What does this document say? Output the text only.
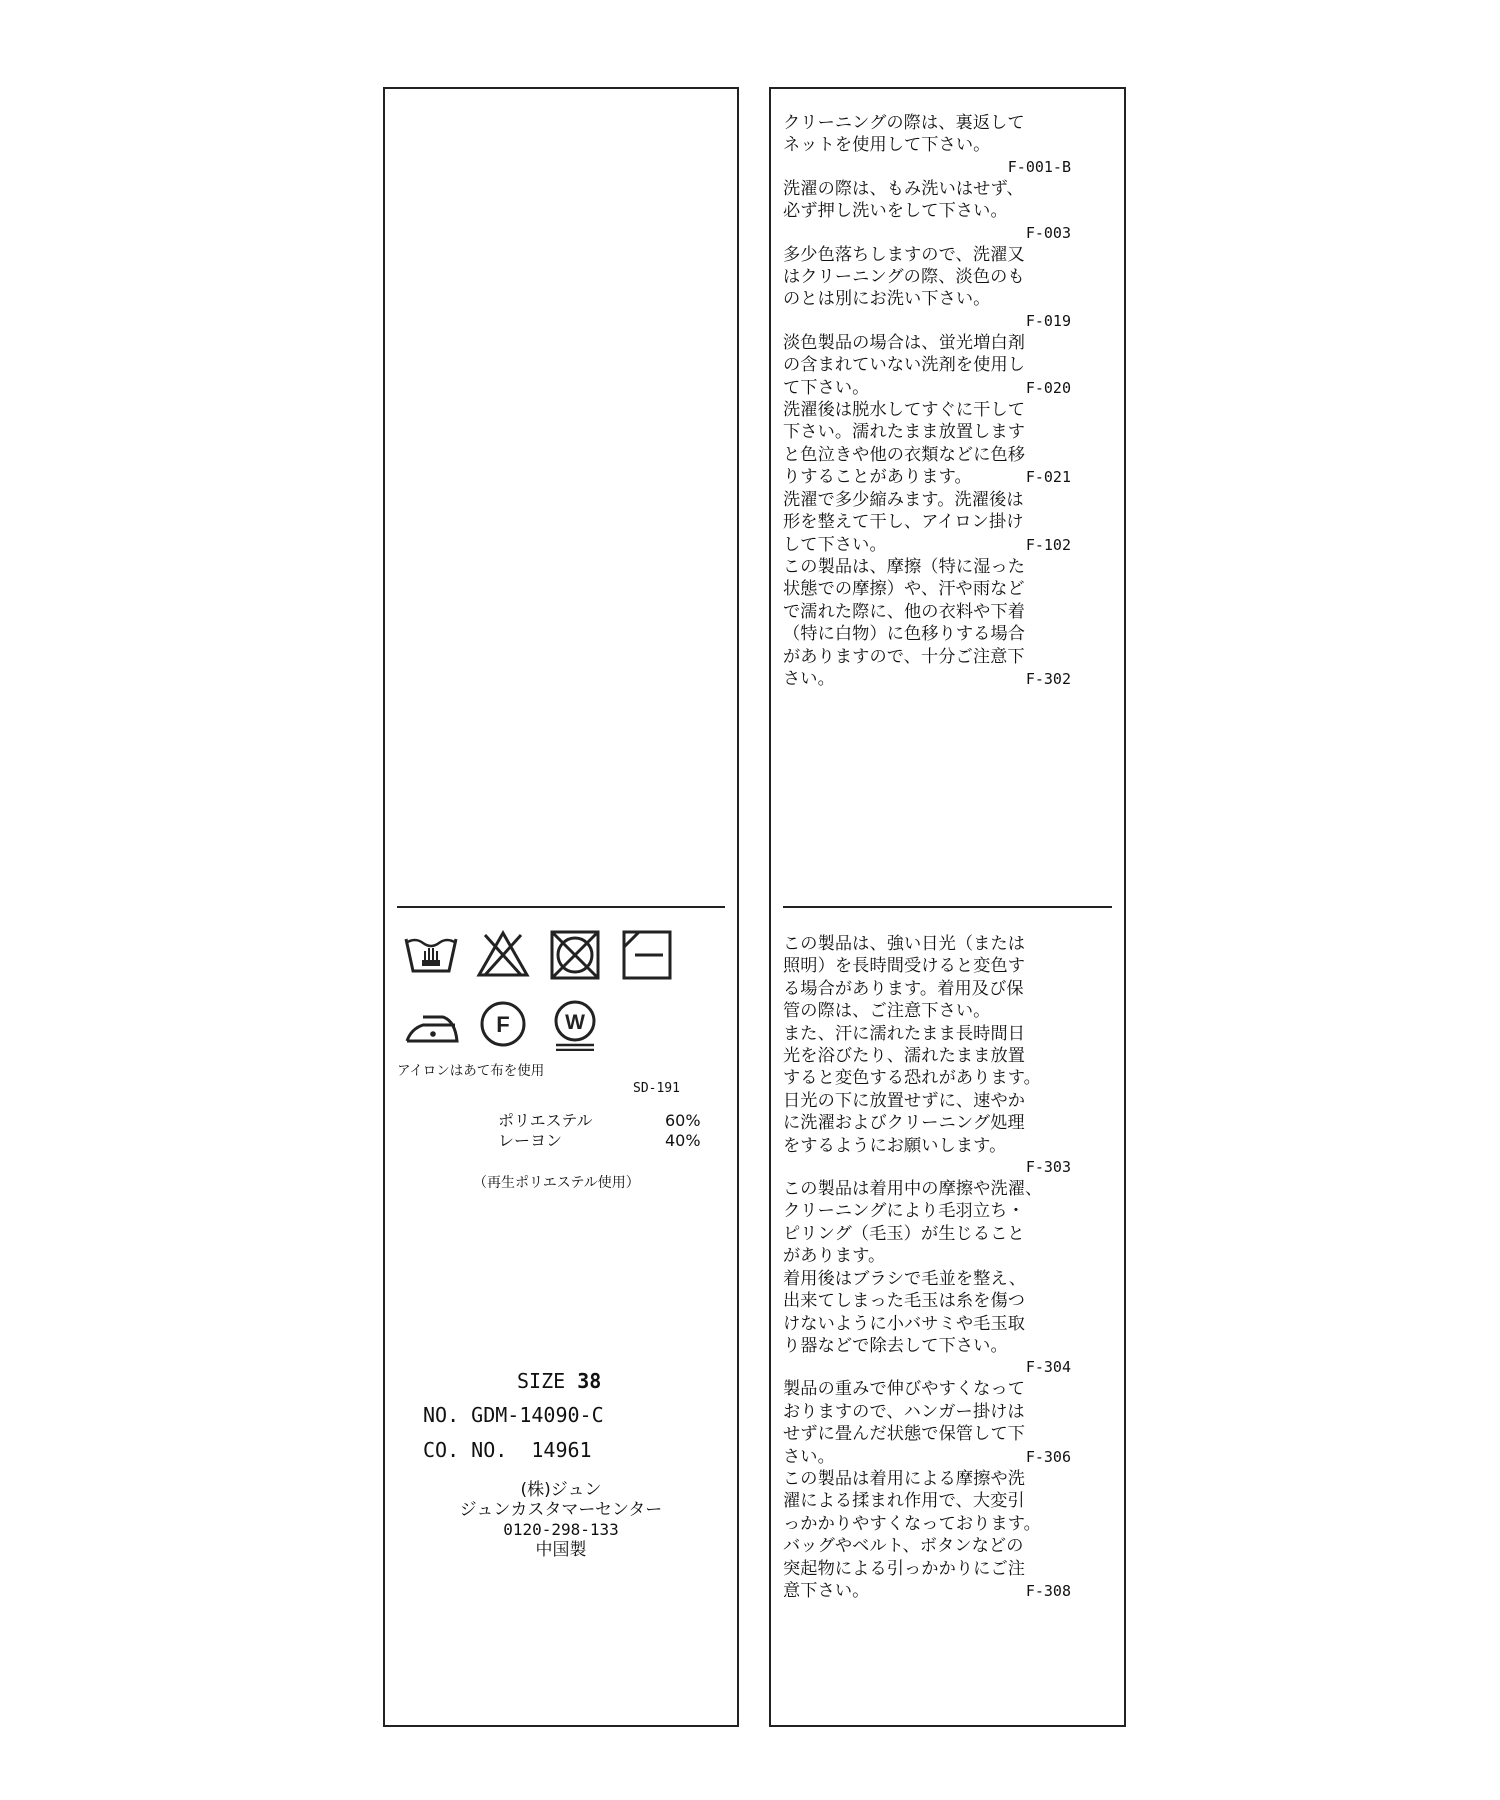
F	W
アイロンはあて布を使用
SD-191
ポリエステル	60%
レーヨン	40%
（再生ポリエステル使用）
SIZE 38
NO. GDM-14090-C
CO. NO.  14961
(株)ジュン
ジュンカスタマーセンター
0120-298-133
中国製
クリーニングの際は、裏返して
ネットを使用して下さい。
F-001-B
洗濯の際は、もみ洗いはせず、
必ず押し洗いをして下さい。
F-003
多少色落ちしますので、洗濯又
はクリーニングの際、淡色のも
のとは別にお洗い下さい。
F-019
F-020
淡色製品の場合は、蛍光増白剤
の含まれていない洗剤を使用し
て下さい。
F-021
洗濯後は脱水してすぐに干して
下さい。濡れたまま放置します
と色泣きや他の衣類などに色移
りすることがあります。
F-102
洗濯で多少縮みます。洗濯後は
形を整えて干し、アイロン掛け
して下さい。
F-302
この製品は、摩擦（特に湿った
状態での摩擦）や、汗や雨など
で濡れた際に、他の衣料や下着
（特に白物）に色移りする場合
がありますので、十分ご注意下
さい。
この製品は、強い日光（または
照明）を長時間受けると変色す
る場合があります。着用及び保
管の際は、ご注意下さい。
また、汗に濡れたまま長時間日
光を浴びたり、濡れたまま放置
すると変色する恐れがあります。
日光の下に放置せずに、速やか
に洗濯およびクリーニング処理
をするようにお願いします。
F-303
この製品は着用中の摩擦や洗濯、
クリーニングにより毛羽立ち・
ピリング（毛玉）が生じること
があります。
着用後はブラシで毛並を整え、
出来てしまった毛玉は糸を傷つ
けないように小バサミや毛玉取
り器などで除去して下さい。
F-304
F-306
製品の重みで伸びやすくなって
おりますので、ハンガー掛けは
せずに畳んだ状態で保管して下
さい。
F-308
この製品は着用による摩擦や洗
濯による揉まれ作用で、大変引
っかかりやすくなっております。
バッグやベルト、ボタンなどの
突起物による引っかかりにご注
意下さい。
